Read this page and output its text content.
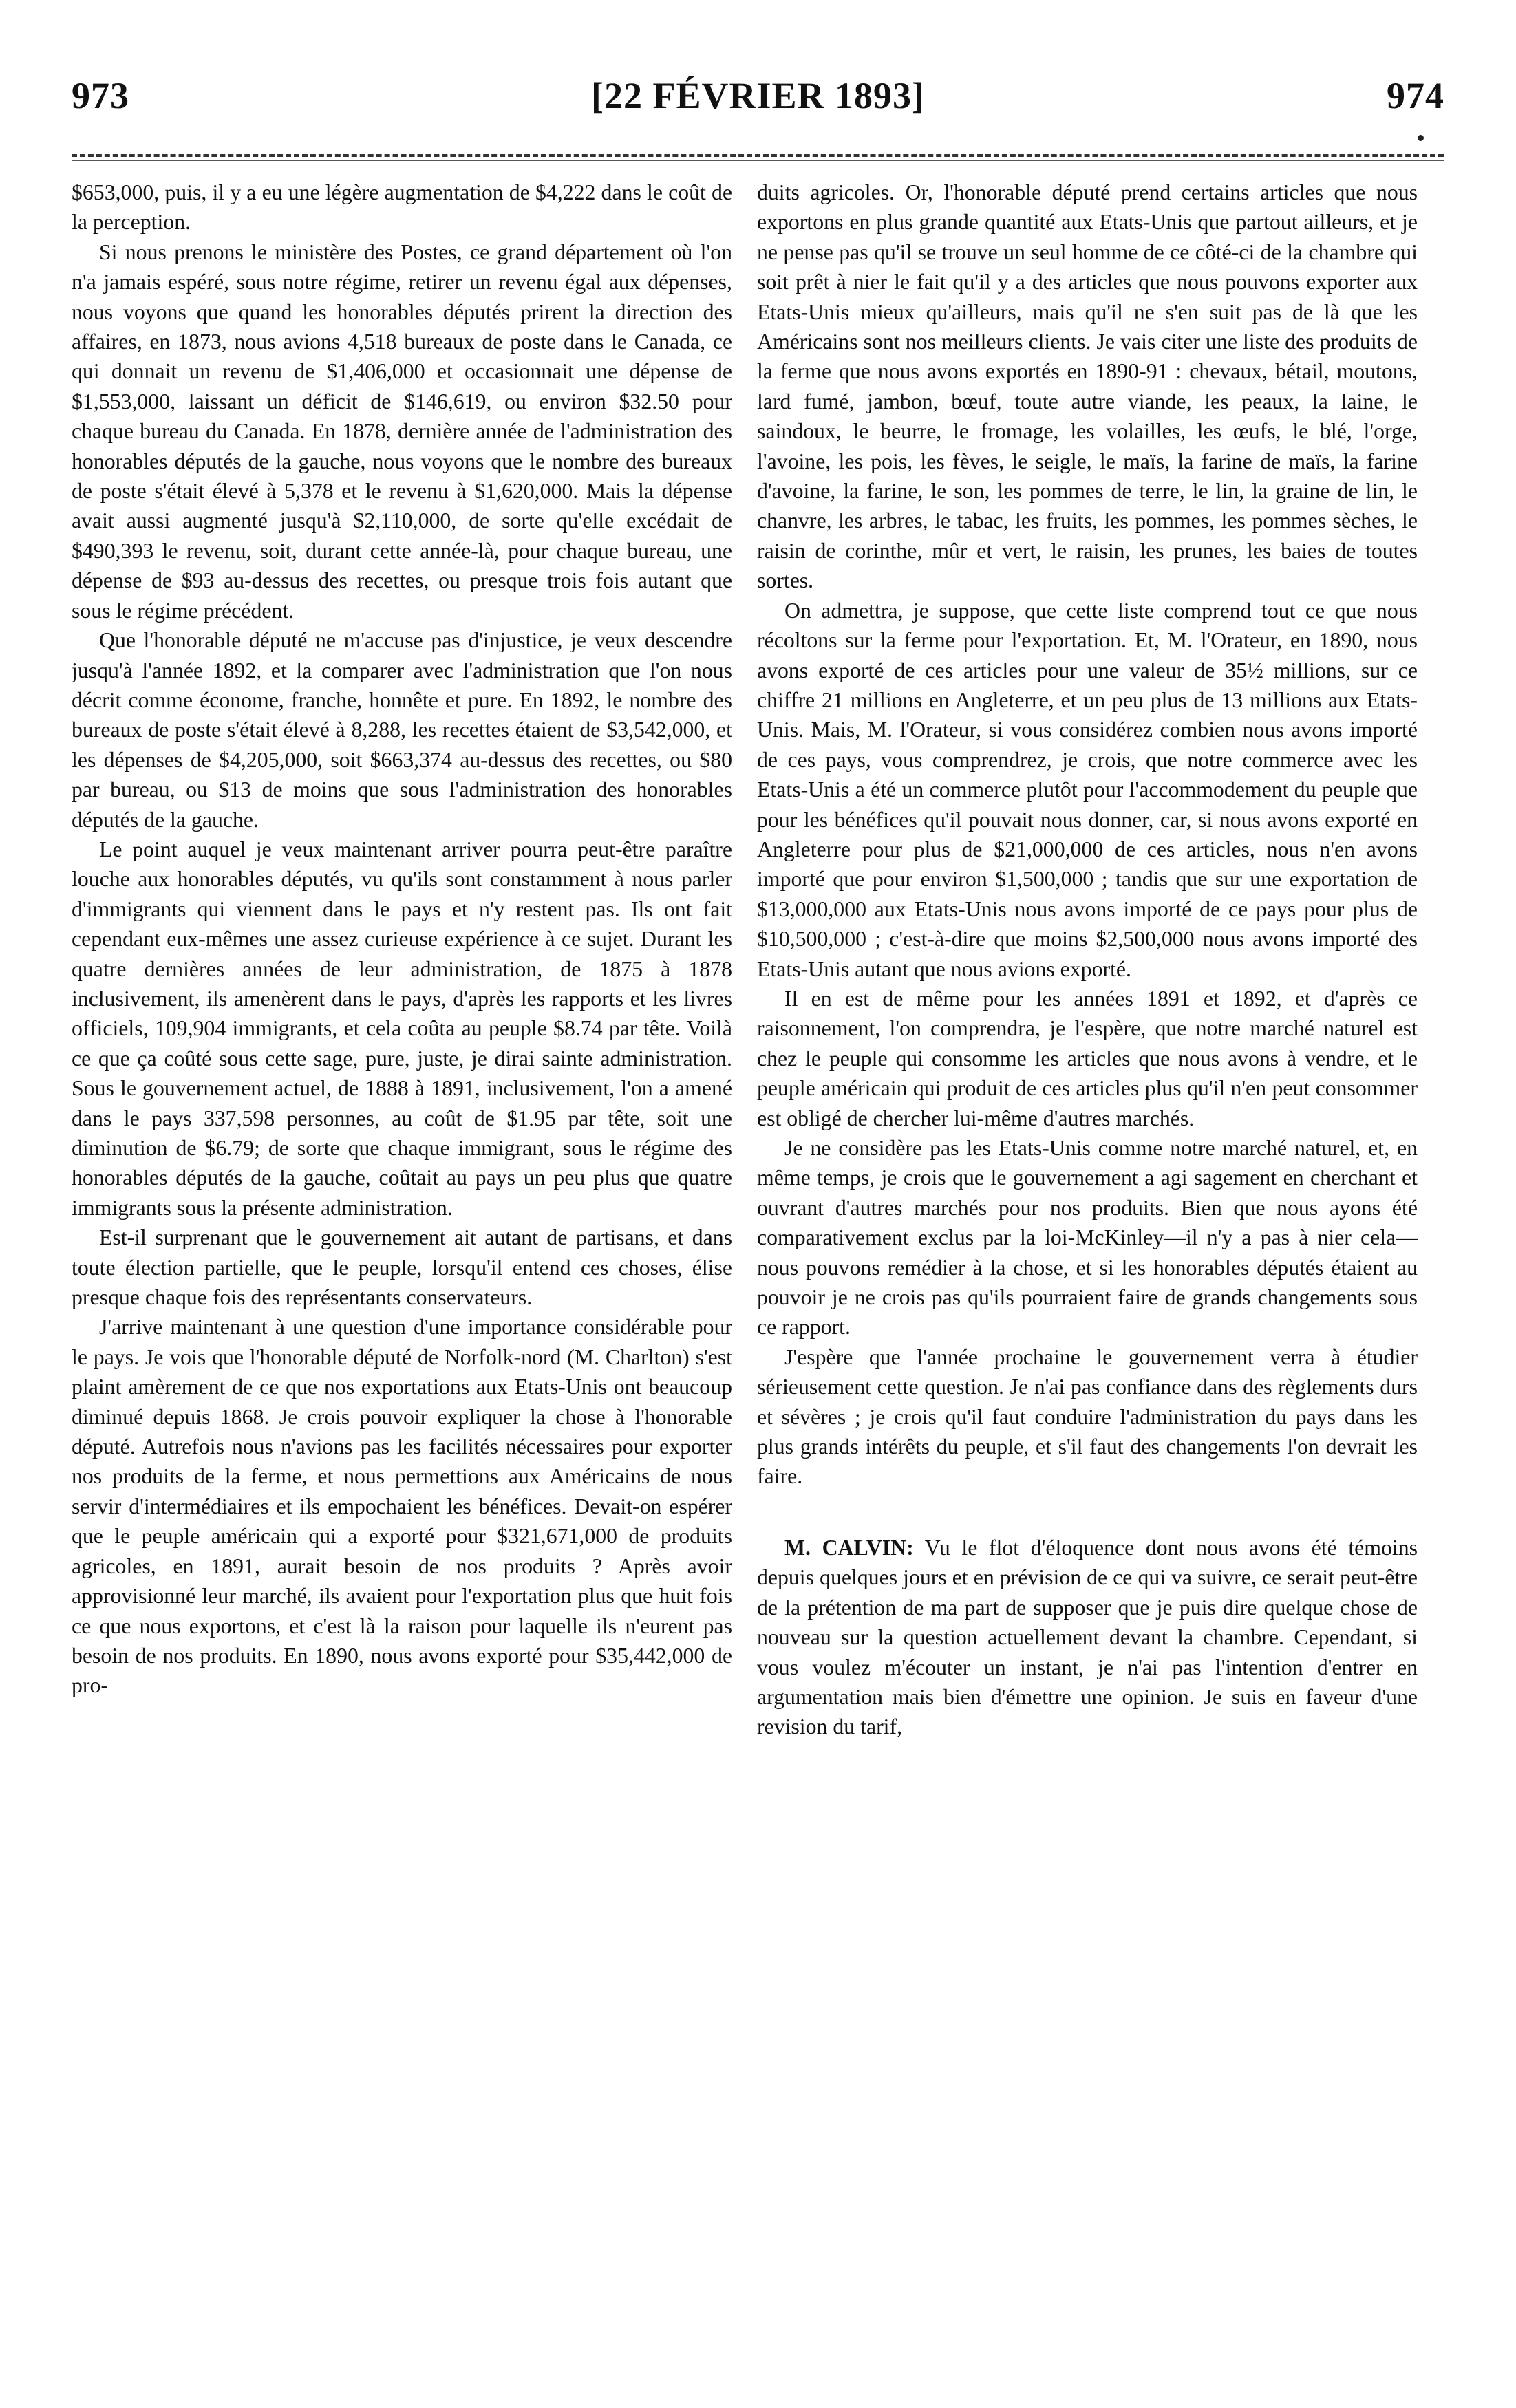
973	[22 FÉVRIER 1893]	974

$653,000, puis, il y a eu une légère augmentation de $4,222 dans le coût de la perception.

Si nous prenons le ministère des Postes, ce grand département où l'on n'a jamais espéré, sous notre régime, retirer un revenu égal aux dépenses, nous voyons que quand les honorables députés prirent la direction des affaires, en 1873, nous avions 4,518 bureaux de poste dans le Canada, ce qui donnait un revenu de $1,406,000 et occasionnait une dépense de $1,553,000, laissant un déficit de $146,619, ou environ $32.50 pour chaque bureau du Canada. En 1878, dernière année de l'administration des honorables députés de la gauche, nous voyons que le nombre des bureaux de poste s'était élevé à 5,378 et le revenu à $1,620,000. Mais la dépense avait aussi augmenté jusqu'à $2,110,000, de sorte qu'elle excédait de $490,393 le revenu, soit, durant cette année-là, pour chaque bureau, une dépense de $93 au-dessus des recettes, ou presque trois fois autant que sous le régime précédent.

Que l'honorable député ne m'accuse pas d'injustice, je veux descendre jusqu'à l'année 1892, et la comparer avec l'administration que l'on nous décrit comme économe, franche, honnête et pure. En 1892, le nombre des bureaux de poste s'était élevé à 8,288, les recettes étaient de $3,542,000, et les dépenses de $4,205,000, soit $663,374 au-dessus des recettes, ou $80 par bureau, ou $13 de moins que sous l'administration des honorables députés de la gauche.

Le point auquel je veux maintenant arriver pourra peut-être paraître louche aux honorables députés, vu qu'ils sont constamment à nous parler d'immigrants qui viennent dans le pays et n'y restent pas. Ils ont fait cependant eux-mêmes une assez curieuse expérience à ce sujet. Durant les quatre dernières années de leur administration, de 1875 à 1878 inclusivement, ils amenèrent dans le pays, d'après les rapports et les livres officiels, 109,904 immigrants, et cela coûta au peuple $8.74 par tête. Voilà ce que ça coûté sous cette sage, pure, juste, je dirai sainte administration. Sous le gouvernement actuel, de 1888 à 1891, inclusivement, l'on a amené dans le pays 337,598 personnes, au coût de $1.95 par tête, soit une diminution de $6.79; de sorte que chaque immigrant, sous le régime des honorables députés de la gauche, coûtait au pays un peu plus que quatre immigrants sous la présente administration.

Est-il surprenant que le gouvernement ait autant de partisans, et dans toute élection partielle, que le peuple, lorsqu'il entend ces choses, élise presque chaque fois des représentants conservateurs.

J'arrive maintenant à une question d'une importance considérable pour le pays. Je vois que l'honorable député de Norfolk-nord (M. Charlton) s'est plaint amèrement de ce que nos exportations aux Etats-Unis ont beaucoup diminué depuis 1868. Je crois pouvoir expliquer la chose à l'honorable député. Autrefois nous n'avions pas les facilités nécessaires pour exporter nos produits de la ferme, et nous permettions aux Américains de nous servir d'intermédiaires et ils empochaient les bénéfices. Devait-on espérer que le peuple américain qui a exporté pour $321,671,000 de produits agricoles, en 1891, aurait besoin de nos produits ? Après avoir approvisionné leur marché, ils avaient pour l'exportation plus que huit fois ce que nous exportons, et c'est là la raison pour laquelle ils n'eurent pas besoin de nos produits. En 1890, nous avons exporté pour $35,442,000 de pro-

duits agricoles. Or, l'honorable député prend certains articles que nous exportons en plus grande quantité aux Etats-Unis que partout ailleurs, et je ne pense pas qu'il se trouve un seul homme de ce côté-ci de la chambre qui soit prêt à nier le fait qu'il y a des articles que nous pouvons exporter aux Etats-Unis mieux qu'ailleurs, mais qu'il ne s'en suit pas de là que les Américains sont nos meilleurs clients. Je vais citer une liste des produits de la ferme que nous avons exportés en 1890-91 : chevaux, bétail, moutons, lard fumé, jambon, bœuf, toute autre viande, les peaux, la laine, le saindoux, le beurre, le fromage, les volailles, les œufs, le blé, l'orge, l'avoine, les pois, les fèves, le seigle, le maïs, la farine de maïs, la farine d'avoine, la farine, le son, les pommes de terre, le lin, la graine de lin, le chanvre, les arbres, le tabac, les fruits, les pommes, les pommes sèches, le raisin de corinthe, mûr et vert, le raisin, les prunes, les baies de toutes sortes.

On admettra, je suppose, que cette liste comprend tout ce que nous récoltons sur la ferme pour l'exportation. Et, M. l'Orateur, en 1890, nous avons exporté de ces articles pour une valeur de 35½ millions, sur ce chiffre 21 millions en Angleterre, et un peu plus de 13 millions aux Etats-Unis. Mais, M. l'Orateur, si vous considérez combien nous avons importé de ces pays, vous comprendrez, je crois, que notre commerce avec les Etats-Unis a été un commerce plutôt pour l'accommodement du peuple que pour les bénéfices qu'il pouvait nous donner, car, si nous avons exporté en Angleterre pour plus de $21,000,000 de ces articles, nous n'en avons importé que pour environ $1,500,000 ; tandis que sur une exportation de $13,000,000 aux Etats-Unis nous avons importé de ce pays pour plus de $10,500,000 ; c'est-à-dire que moins $2,500,000 nous avons importé des Etats-Unis autant que nous avions exporté.

Il en est de même pour les années 1891 et 1892, et d'après ce raisonnement, l'on comprendra, je l'espère, que notre marché naturel est chez le peuple qui consomme les articles que nous avons à vendre, et le peuple américain qui produit de ces articles plus qu'il n'en peut consommer est obligé de chercher lui-même d'autres marchés.

Je ne considère pas les Etats-Unis comme notre marché naturel, et, en même temps, je crois que le gouvernement a agi sagement en cherchant et ouvrant d'autres marchés pour nos produits. Bien que nous ayons été comparativement exclus par la loi-McKinley—il n'y a pas à nier cela—nous pouvons remédier à la chose, et si les honorables députés étaient au pouvoir je ne crois pas qu'ils pourraient faire de grands changements sous ce rapport.

J'espère que l'année prochaine le gouvernement verra à étudier sérieusement cette question. Je n'ai pas confiance dans des règlements durs et sévères ; je crois qu'il faut conduire l'administration du pays dans les plus grands intérêts du peuple, et s'il faut des changements l'on devrait les faire.

M. CALVIN: Vu le flot d'éloquence dont nous avons été témoins depuis quelques jours et en prévision de ce qui va suivre, ce serait peut-être de la prétention de ma part de supposer que je puis dire quelque chose de nouveau sur la question actuellement devant la chambre. Cependant, si vous voulez m'écouter un instant, je n'ai pas l'intention d'entrer en argumentation mais bien d'émettre une opinion. Je suis en faveur d'une revision du tarif,
